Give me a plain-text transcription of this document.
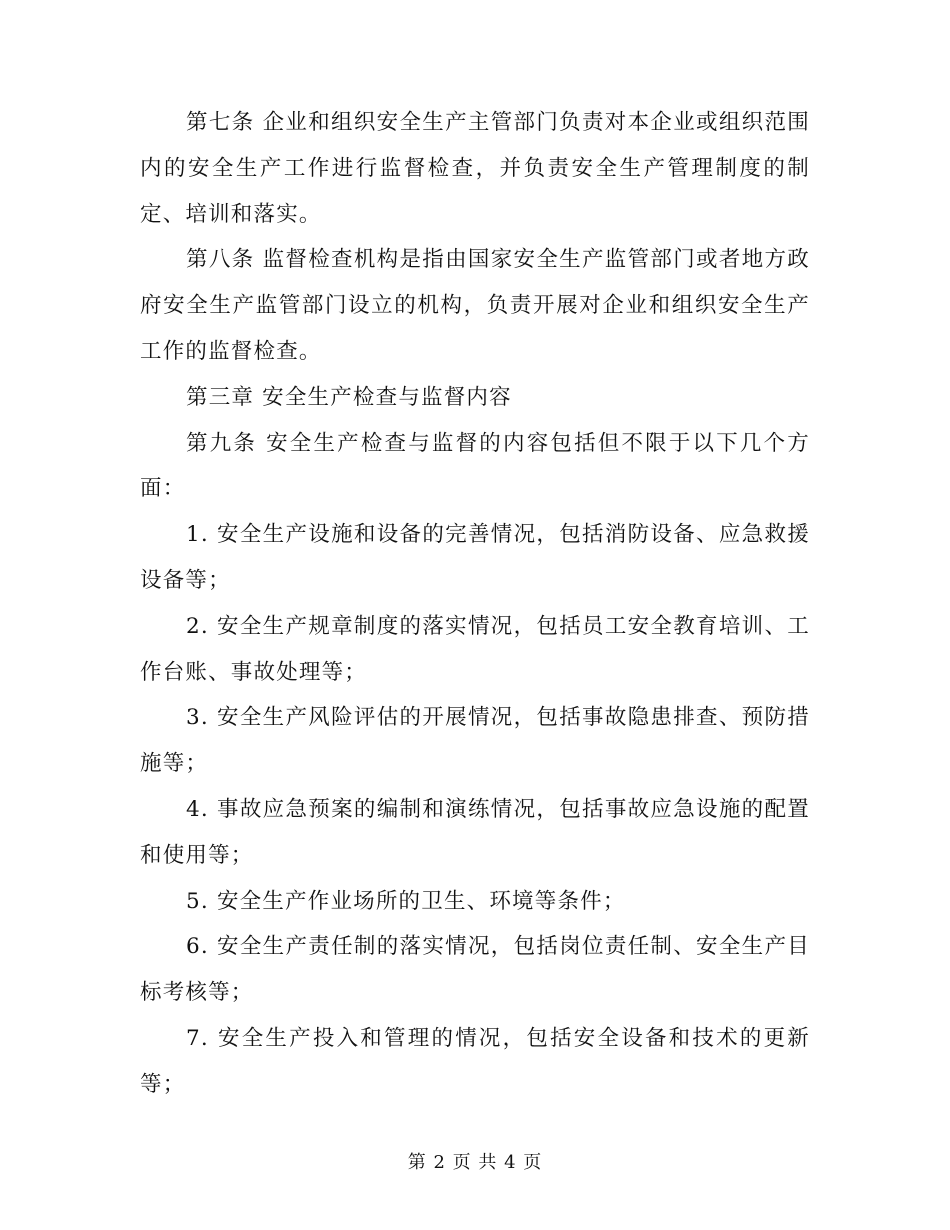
第七条 企业和组织安全生产主管部门负责对本企业或组织范围内的安全生产工作进行监督检查，并负责安全生产管理制度的制定、培训和落实。

第八条 监督检查机构是指由国家安全生产监管部门或者地方政府安全生产监管部门设立的机构，负责开展对企业和组织安全生产工作的监督检查。

第三章 安全生产检查与监督内容

第九条 安全生产检查与监督的内容包括但不限于以下几个方面：

1. 安全生产设施和设备的完善情况，包括消防设备、应急救援设备等；

2. 安全生产规章制度的落实情况，包括员工安全教育培训、工作台账、事故处理等；

3. 安全生产风险评估的开展情况，包括事故隐患排查、预防措施等；

4. 事故应急预案的编制和演练情况，包括事故应急设施的配置和使用等；

5. 安全生产作业场所的卫生、环境等条件；

6. 安全生产责任制的落实情况，包括岗位责任制、安全生产目标考核等；

7. 安全生产投入和管理的情况，包括安全设备和技术的更新等；

第 2 页 共 4 页
